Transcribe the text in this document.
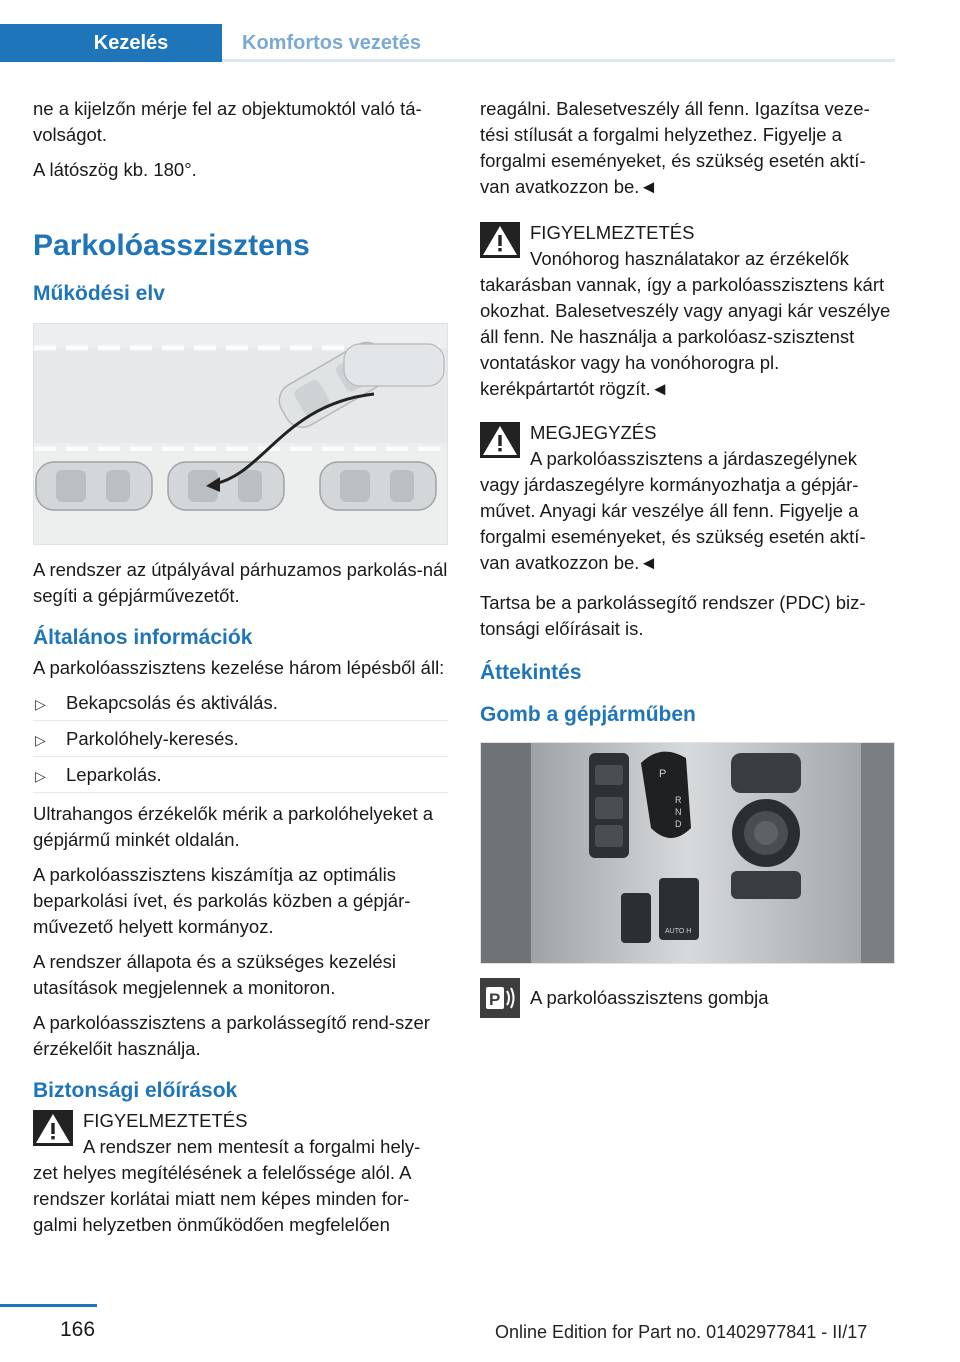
Kezelés	Komfortos vezetés

ne a kijelzőn mérje fel az objektumoktól való tá-volságot.

A látószög kb. 180°.

Parkolóasszisztens
Működési elv

A rendszer az útpályával párhuzamos parkolás-nál segíti a gépjárművezetőt.

Általános információk

A parkolóasszisztens kezelése három lépésből áll:

▷ Bekapcsolás és aktiválás.
▷ Parkolóhely-keresés.
▷ Leparkolás.

Ultrahangos érzékelők mérik a parkolóhelyeket a gépjármű minkét oldalán.

A parkolóasszisztens kiszámítja az optimális beparkolási ívet, és parkolás közben a gépjár-művezető helyett kormányoz.

A rendszer állapota és a szükséges kezelési utasítások megjelennek a monitoron.

A parkolóasszisztens a parkolássegítő rend-szer érzékelőit használja.

Biztonsági előírások
FIGYELMEZTETÉS
A rendszer nem mentesít a forgalmi hely-
zet helyes megítélésének a felelőssége alól. A rendszer korlátai miatt nem képes minden for-galmi helyzetben önműködően megfelelően

reagálni. Balesetveszély áll fenn. Igazítsa veze-tési stílusát a forgalmi helyzethez. Figyelje a forgalmi eseményeket, és szükség esetén aktí-van avatkozzon be.◄

FIGYELMEZTETÉS
Vonóhorog használatakor az érzékelők
takarásban vannak, így a parkolóasszisztens kárt okozhat. Balesetveszély vagy anyagi kár veszélye áll fenn. Ne használja a parkolóasz-szisztenst vontatáskor vagy ha vonóhorogra pl. kerékpártartót rögzít.◄
MEGJEGYZÉS
A parkolóasszisztens a járdaszegélynek
vagy járdaszegélyre kormányozhatja a gépjár-művet. Anyagi kár veszélye áll fenn. Figyelje a forgalmi eseményeket, és szükség esetén aktí-van avatkozzon be.◄

Tartsa be a parkolássegítő rendszer (PDC) biz-tonsági előírásait is.

Áttekintés
Gomb a gépjárműben
P
R
N
D
AUTO H
P A parkolóasszisztens gombja
166	Online Edition for Part no. 01402977841 - II/17
